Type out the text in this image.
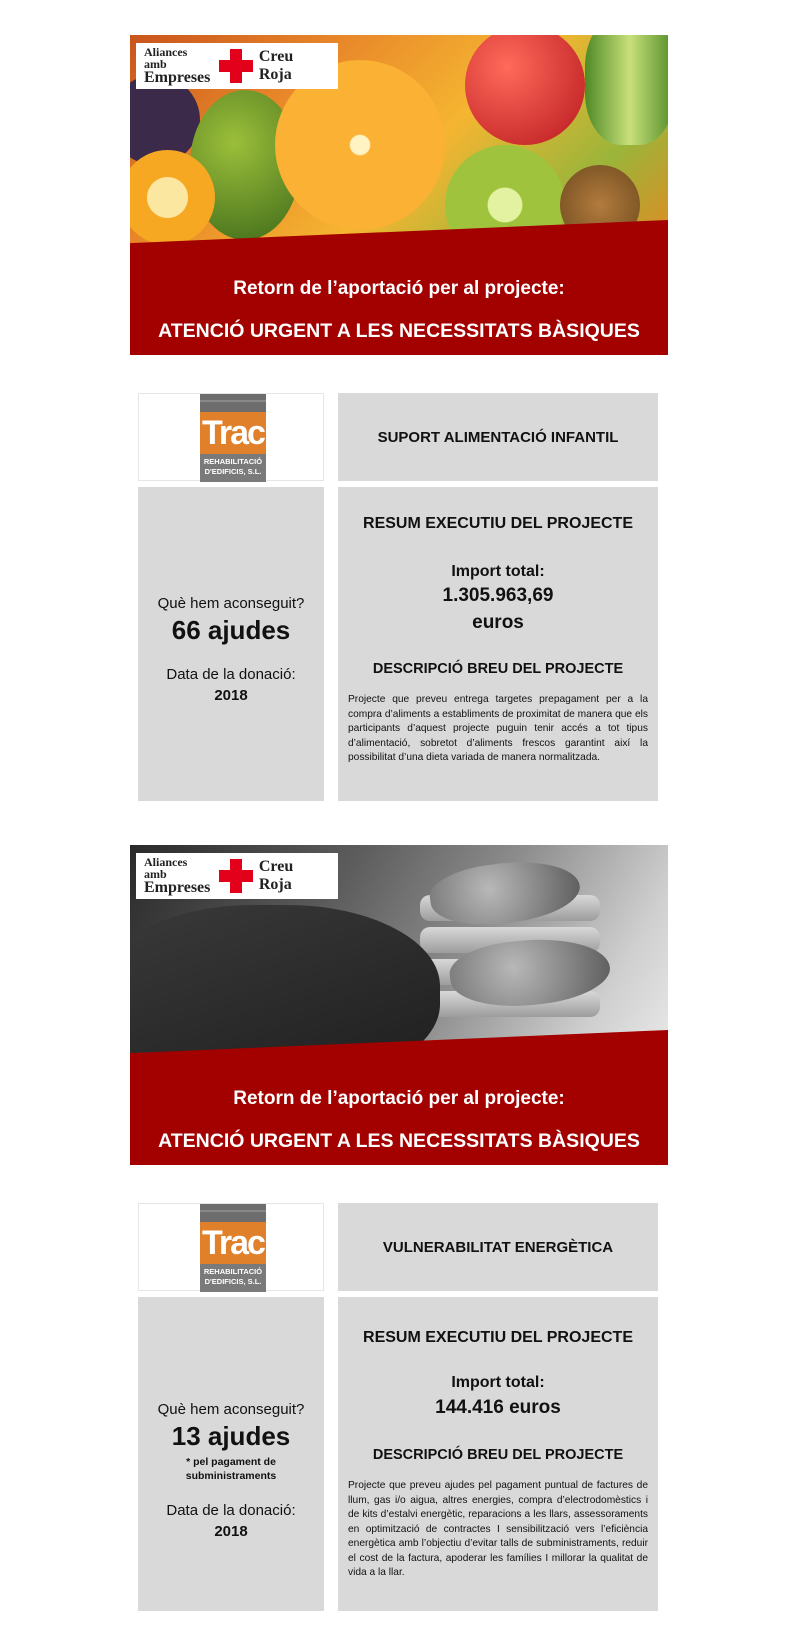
Retorn de l’aportació per al projecte:
ATENCIÓ URGENT A LES NECESSITATS BÀSIQUES
Aliances amb
Empreses
Creu Roja
Trac
REHABILITACIÓ
D'EDIFICIS, S.L.
SUPORT ALIMENTACIÓ INFANTIL
Què hem aconseguit?
66 ajudes
Data de la donació:
2018
RESUM EXECUTIU DEL PROJECTE
Import total:
1.305.963,69
euros
DESCRIPCIÓ BREU DEL PROJECTE
Projecte que preveu entrega targetes prepagament per a la compra d’aliments a establiments de proximitat de manera que els participants d’aquest projecte puguin tenir accés a tot tipus d’alimentació, sobretot d’aliments frescos garantint així la possibilitat d’una dieta variada de manera normalitzada.
Retorn de l’aportació per al projecte:
ATENCIÓ URGENT A LES NECESSITATS BÀSIQUES
Aliances amb
Empreses
Creu Roja
Trac
REHABILITACIÓ
D'EDIFICIS, S.L.
VULNERABILITAT ENERGÈTICA
Què hem aconseguit?
13 ajudes
* pel pagament de
subministraments
Data de la donació:
2018
RESUM EXECUTIU DEL PROJECTE
Import total:
144.416 euros
DESCRIPCIÓ BREU DEL PROJECTE
Projecte que preveu ajudes pel pagament puntual de factures de llum, gas i/o aigua, altres energies, compra d’electrodomèstics i de kits d’estalvi energètic, reparacions a les llars, assessoraments en optimització de contractes I sensibilització vers l’eficiència energètica amb l’objectiu d’evitar talls de subministraments, reduir el cost de la factura, apoderar les famílies I millorar la qualitat de vida a la llar.
